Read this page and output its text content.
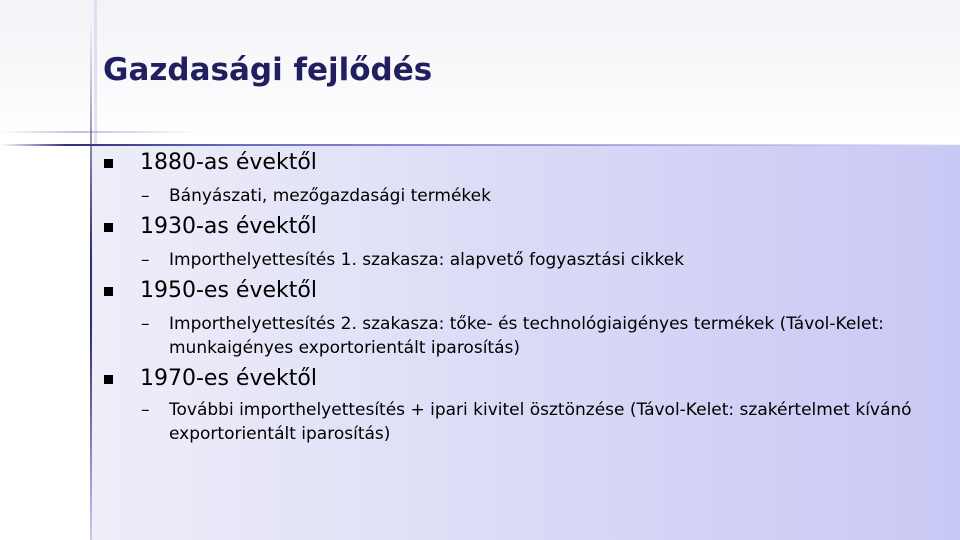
Gazdasági fejlődés
1880-as évektől
– Bányászati, mezőgazdasági termékek
1930-as évektől
– Importhelyettesítés 1. szakasza: alapvető fogyasztási cikkek
1950-es évektől
– Importhelyettesítés 2. szakasza: tőke- és technológiaigényes termékek (Távol-Kelet: munkaigényes exportorientált iparosítás)
1970-es évektől
– További importhelyettesítés + ipari kivitel ösztönzése (Távol-Kelet: szakértelmet kívánó exportorientált iparosítás)
